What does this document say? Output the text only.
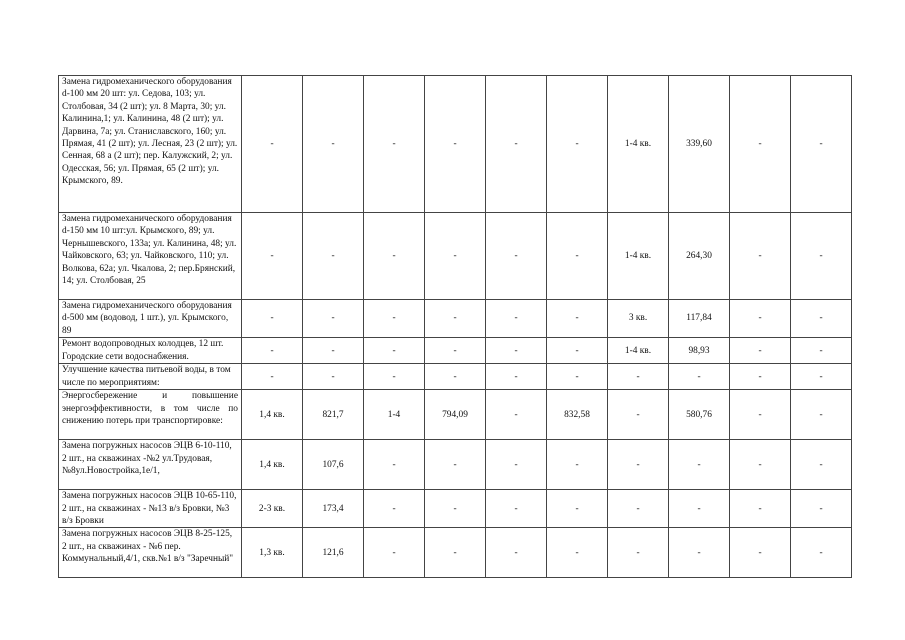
Замена гидромеханического оборудования d-100 мм 20 шт: ул. Седова, 103; ул. Столбовая, 34 (2 шт); ул. 8 Марта, 30; ул. Калинина,1; ул. Калинина, 48 (2 шт); ул. Дарвина, 7а; ул. Станиславского, 160; ул. Прямая, 41 (2 шт); ул. Лесная, 23 (2 шт); ул. Сенная, 68 а (2 шт); пер. Калужский, 2; ул. Одесская, 56; ул. Прямая, 65 (2 шт); ул. Крымского, 89.	-	-	-	-	-	-	1-4 кв.	339,60	-	-
Замена гидромеханического оборудования d-150 мм 10 шт:ул. Крымского, 89; ул. Чернышевского, 133а; ул. Калинина, 48; ул. Чайковского, 63; ул. Чайковского, 110; ул. Волкова, 62а; ул. Чкалова, 2; пер.Брянский, 14; ул. Столбовая, 25	-	-	-	-	-	-	1-4 кв.	264,30	-	-
Замена гидромеханического оборудования d-500 мм (водовод, 1 шт.), ул. Крымского, 89	-	-	-	-	-	-	3 кв.	117,84	-	-
Ремонт водопроводных колодцев, 12 шт. Городские сети водоснабжения.	-	-	-	-	-	-	1-4 кв.	98,93	-	-
Улучшение качества питьевой воды, в том числе по мероприятиям:	-	-	-	-	-	-	-	-	-	-
Энергосбережение и повышение энергоэффективности, в том числе по снижению потерь при транспортировке:	1,4 кв.	821,7	1-4	794,09	-	832,58	-	580,76	-	-
Замена погружных насосов ЭЦВ 6-10-110, 2 шт., на скважинах -№2 ул.Трудовая, №8ул.Новостройка,1е/1,	1,4 кв.	107,6	-	-	-	-	-	-	-	-
Замена погружных насосов ЭЦВ 10-65-110, 2 шт., на скважинах - №13 в/з Бровки, №3 в/з Бровки	2-3 кв.	173,4	-	-	-	-	-	-	-	-
Замена погружных насосов ЭЦВ 8-25-125, 2 шт., на скважинах - №6 пер. Коммунальный,4/1, скв.№1 в/з "Заречный"	1,3 кв.	121,6	-	-	-	-	-	-	-	-
